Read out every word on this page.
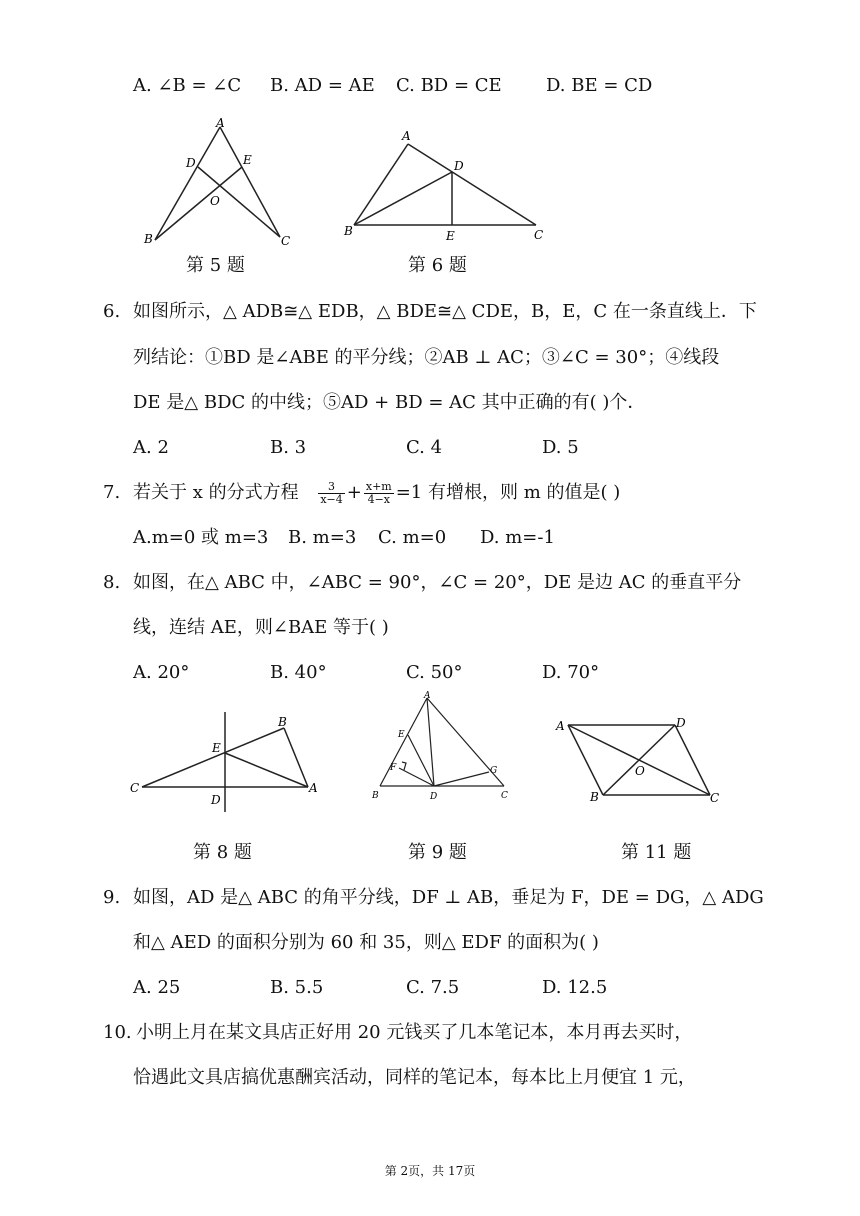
A. ∠B = ∠C B. AD = AE C. BD = CE D. BE = CD
A
D	E
O
B	C
A
D
B	E	C
第 5 题	第 6 题
6. 如图所示，△ ADB≅△ EDB，△ BDE≅△ CDE，B，E，C 在一条直线上．下
列结论：①BD 是∠ABE 的平分线；②AB ⊥ AC；③∠C = 30°；④线段
DE 是△ BDC 的中线；⑤AD + BD = AC 其中正确的有( )个．
A. 2	B. 3	C. 4	D. 5
7. 若关于 x 的分式方程 $\frac{3}{x-4} + \frac{x+m}{4-x} =1$ 有增根，则 m 的值是( )
A.m=0 或 m=3 B. m=3 C. m=0 D. m=-1
8. 如图，在△ ABC 中，∠ABC = 90°，∠C = 20°，DE 是边 AC 的垂直平分
线，连结 AE，则∠BAE 等于( )
A. 20°	B. 40°	C. 50°	D. 70°
B
E
C	A
D
A
E
F	G
B	D	C
A	D
O
B	C
第 8 题	第 9 题	第 11 题
9. 如图，AD 是△ ABC 的角平分线，DF ⊥ AB，垂足为 F，DE = DG，△ ADG
和△ AED 的面积分别为 60 和 35，则△ EDF 的面积为( )
A. 25	B. 5.5	C. 7.5	D. 12.5
10. 小明上月在某文具店正好用 20 元钱买了几本笔记本，本月再去买时，
恰遇此文具店搞优惠酬宾活动，同样的笔记本，每本比上月便宜 1 元，
第 2页，共 17页
